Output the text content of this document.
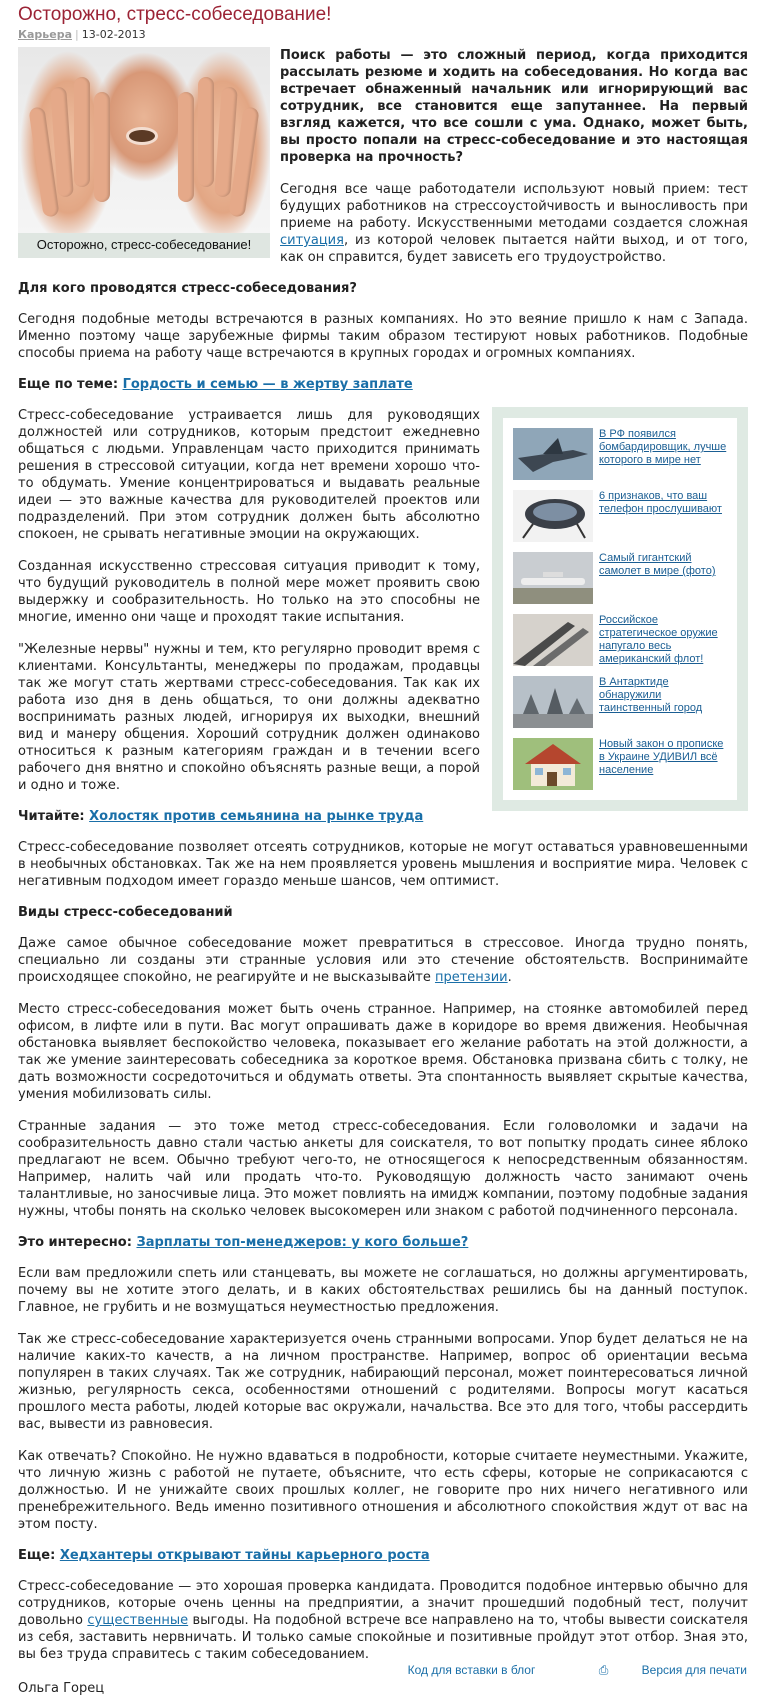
Осторожно, стресс-собеседование!
Карьера | 13-02-2013
Осторожно, стресс-собеседование!

Поиск работы — это сложный период, когда приходится рассылать резюме и ходить на собеседования. Но когда вас встречает обнаженный начальник или игнорирующий вас сотрудник, все становится еще запутаннее. На первый взгляд кажется, что все сошли с ума. Однако, может быть, вы просто попали на стресс-собеседование и это настоящая проверка на прочность?

Сегодня все чаще работодатели используют новый прием: тест будущих работников на стрессоустойчивость и выносливость при приеме на работу. Искусственными методами создается сложная ситуация, из которой человек пытается найти выход, и от того, как он справится, будет зависеть его трудоустройство.

Для кого проводятся стресс-собеседования?

Сегодня подобные методы встречаются в разных компаниях. Но это веяние пришло к нам с Запада. Именно поэтому чаще зарубежные фирмы таким образом тестируют новых работников. Подобные способы приема на работу чаще встречаются в крупных городах и огромных компаниях.

Еще по теме: Гордость и семью — в жертву заплате
В РФ появился бомбардировщик, лучше которого в мире нет
6 признаков, что ваш телефон прослушивают
Самый гигантский самолет в мире (фото)
Российское стратегическое оружие напугало весь американский флот!
В Антарктиде обнаружили таинственный город
Новый закон о прописке в Украине УДИВИЛ всё население

Стресс-собеседование устраивается лишь для руководящих должностей или сотрудников, которым предстоит ежедневно общаться с людьми. Управленцам часто приходится принимать решения в стрессовой ситуации, когда нет времени хорошо что-то обдумать. Умение концентрироваться и выдавать реальные идеи — это важные качества для руководителей проектов или подразделений. При этом сотрудник должен быть абсолютно спокоен, не срывать негативные эмоции на окружающих.

Созданная искусственно стрессовая ситуация приводит к тому, что будущий руководитель в полной мере может проявить свою выдержку и сообразительность. Но только на это способны не многие, именно они чаще и проходят такие испытания.

"Железные нервы" нужны и тем, кто регулярно проводит время с клиентами. Консультанты, менеджеры по продажам, продавцы так же могут стать жертвами стресс-собеседования. Так как их работа изо дня в день общаться, то они должны адекватно воспринимать разных людей, игнорируя их выходки, внешний вид и манеру общения. Хороший сотрудник должен одинаково относиться к разным категориям граждан и в течении всего рабочего дня внятно и спокойно объяснять разные вещи, а порой и одно и тоже.

Читайте: Холостяк против семьянина на рынке труда

Стресс-собеседование позволяет отсеять сотрудников, которые не могут оставаться уравновешенными в необычных обстановках. Так же на нем проявляется уровень мышления и восприятие мира. Человек с негативным подходом имеет гораздо меньше шансов, чем оптимист.

Виды стресс-собеседований

Даже самое обычное собеседование может превратиться в стрессовое. Иногда трудно понять, специально ли созданы эти странные условия или это стечение обстоятельств. Воспринимайте происходящее спокойно, не реагируйте и не высказывайте претензии.

Место стресс-собеседования может быть очень странное. Например, на стоянке автомобилей перед офисом, в лифте или в пути. Вас могут опрашивать даже в коридоре во время движения. Необычная обстановка выявляет беспокойство человека, показывает его желание работать на этой должности, а так же умение заинтересовать собеседника за короткое время. Обстановка призвана сбить с толку, не дать возможности сосредоточиться и обдумать ответы. Эта спонтанность выявляет скрытые качества, умения мобилизовать силы.

Странные задания — это тоже метод стресс-собеседования. Если головоломки и задачи на сообразительность давно стали частью анкеты для соискателя, то вот попытку продать синее яблоко предлагают не всем. Обычно требуют чего-то, не относящегося к непосредственным обязанностям. Например, налить чай или продать что-то. Руководящую должность часто занимают очень талантливые, но заносчивые лица. Это может повлиять на имидж компании, поэтому подобные задания нужны, чтобы понять на сколько человек высокомерен или знаком с работой подчиненного персонала.

Это интересно: Зарплаты топ-менеджеров: у кого больше?

Если вам предложили спеть или станцевать, вы можете не соглашаться, но должны аргументировать, почему вы не хотите этого делать, и в каких обстоятельствах решились бы на данный поступок. Главное, не грубить и не возмущаться неуместностью предложения.

Так же стресс-собеседование характеризуется очень странными вопросами. Упор будет делаться не на наличие каких-то качеств, а на личном пространстве. Например, вопрос об ориентации весьма популярен в таких случаях. Так же сотрудник, набирающий персонал, может поинтересоваться личной жизнью, регулярность секса, особенностями отношений с родителями. Вопросы могут касаться прошлого места работы, людей которые вас окружали, начальства. Все это для того, чтобы рассердить вас, вывести из равновесия.

Как отвечать? Спокойно. Не нужно вдаваться в подробности, которые считаете неуместными. Укажите, что личную жизнь с работой не путаете, объясните, что есть сферы, которые не соприкасаются с должностью. И не унижайте своих прошлых коллег, не говорите про них ничего негативного или пренебрежительного. Ведь именно позитивного отношения и абсолютного спокойствия ждут от вас на этом посту.

Еще: Хедхантеры открывают тайны карьерного роста

Стресс-собеседование — это хорошая проверка кандидата. Проводится подобное интервью обычно для сотрудников, которые очень ценны на предприятии, а значит прошедший подобный тест, получит довольно существенные выгоды. На подобной встрече все направлено на то, чтобы вывести соискателя из себя, заставить нервничать. И только самые спокойные и позитивные пройдут этот отбор. Зная это, вы без труда справитесь с таким собеседованием.

Ольга Горец
Код для вставки в блог	⎙	Версия для печати
